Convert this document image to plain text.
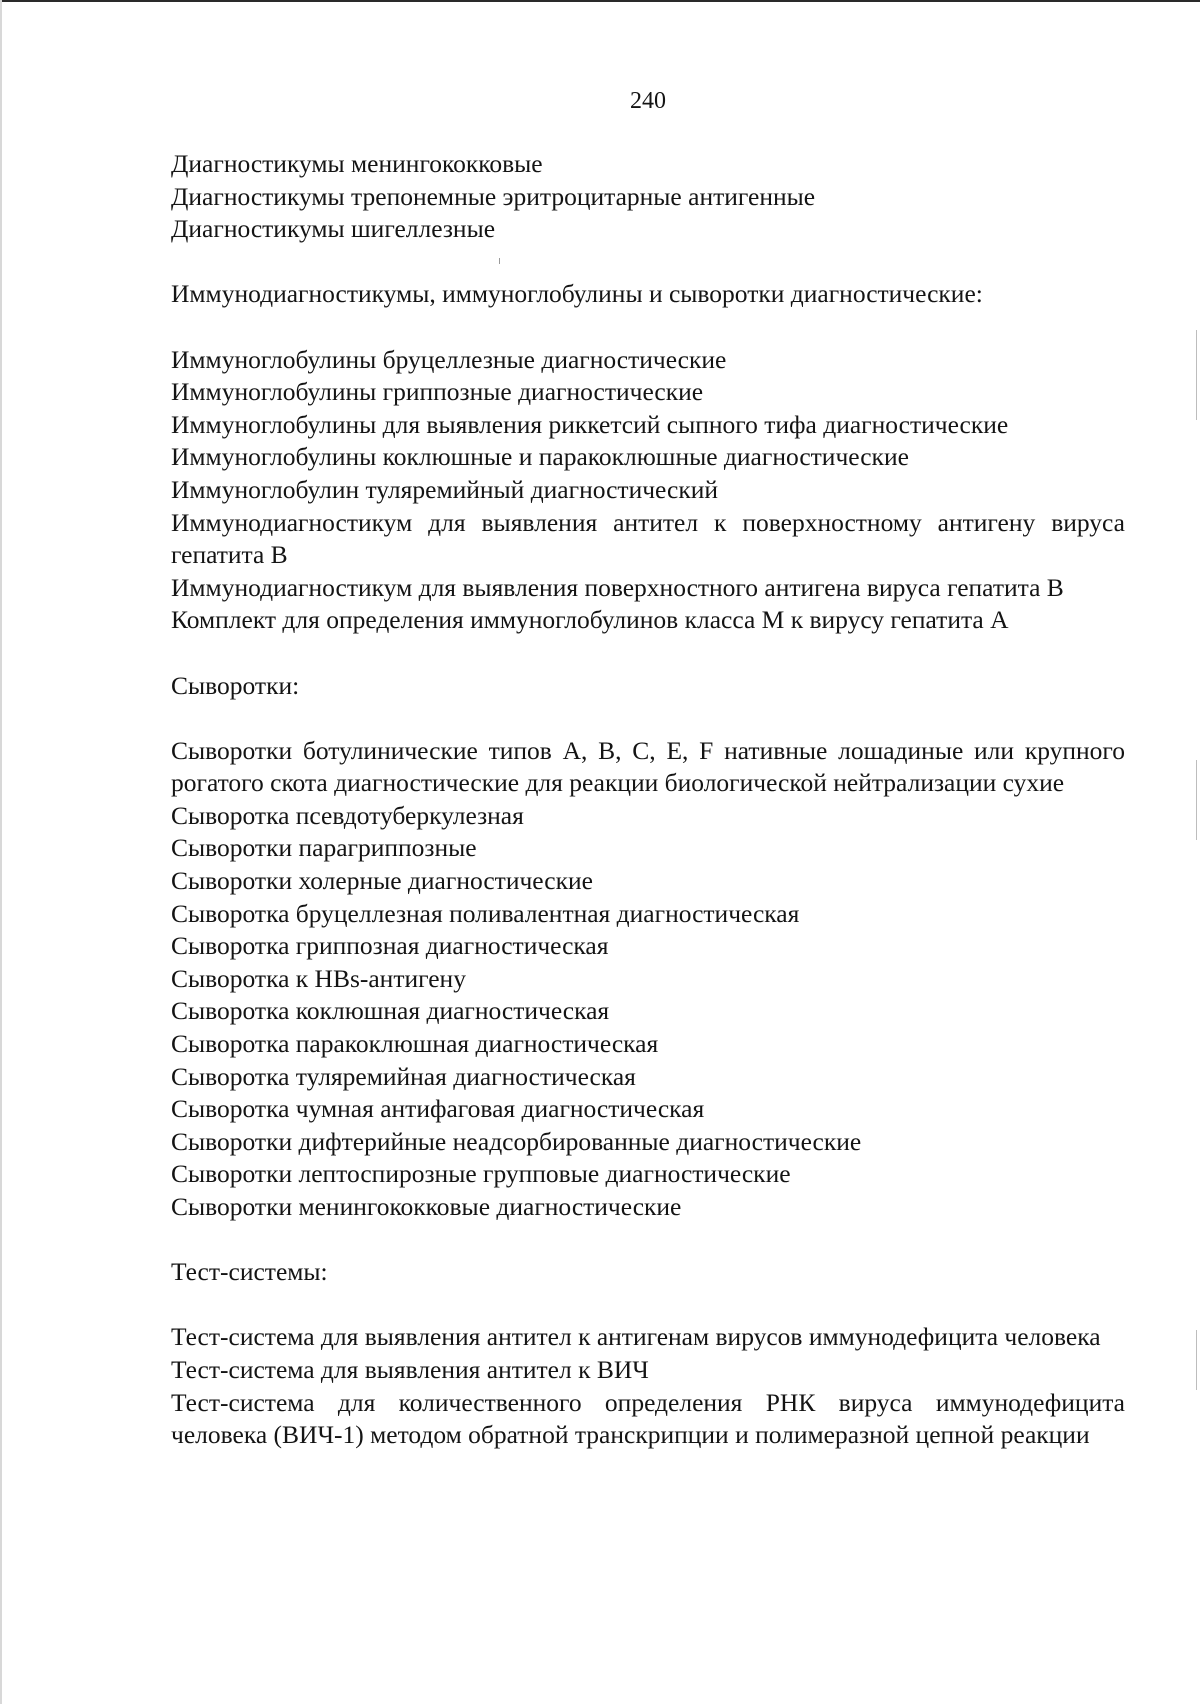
240
Диагностикумы менингококковые
Диагностикумы трепонемные эритроцитарные антигенные
Диагностикумы шигеллезные
Иммунодиагностикумы, иммуноглобулины и сыворотки диагностические:
Иммуноглобулины бруцеллезные диагностические
Иммуноглобулины гриппозные диагностические
Иммуноглобулины для выявления риккетсий сыпного тифа диагностические
Иммуноглобулины коклюшные и паракоклюшные диагностические
Иммуноглобулин туляремийный диагностический
Иммунодиагностикум для выявления антител к поверхностному антигену вируса гепатита В
Иммунодиагностикум для выявления поверхностного антигена вируса гепатита В
Комплект для определения иммуноглобулинов класса М к вирусу гепатита А
Сыворотки:
Сыворотки ботулинические типов А, В, С, Е, F нативные лошадиные или крупного рогатого скота диагностические для реакции биологической нейтрализации сухие
Сыворотка псевдотуберкулезная
Сыворотки парагриппозные
Сыворотки холерные диагностические
Сыворотка бруцеллезная поливалентная диагностическая
Сыворотка гриппозная диагностическая
Сыворотка к HBs-антигену
Сыворотка коклюшная диагностическая
Сыворотка паракоклюшная диагностическая
Сыворотка туляремийная диагностическая
Сыворотка чумная антифаговая диагностическая
Сыворотки дифтерийные неадсорбированные диагностические
Сыворотки лептоспирозные групповые диагностические
Сыворотки менингококковые диагностические
Тест-системы:
Тест-система для выявления антител к антигенам вирусов иммунодефицита человека
Тест-система для выявления антител к ВИЧ
Тест-система для количественного определения РНК вируса иммунодефицита человека (ВИЧ-1) методом обратной транскрипции и полимеразной цепной реакции
